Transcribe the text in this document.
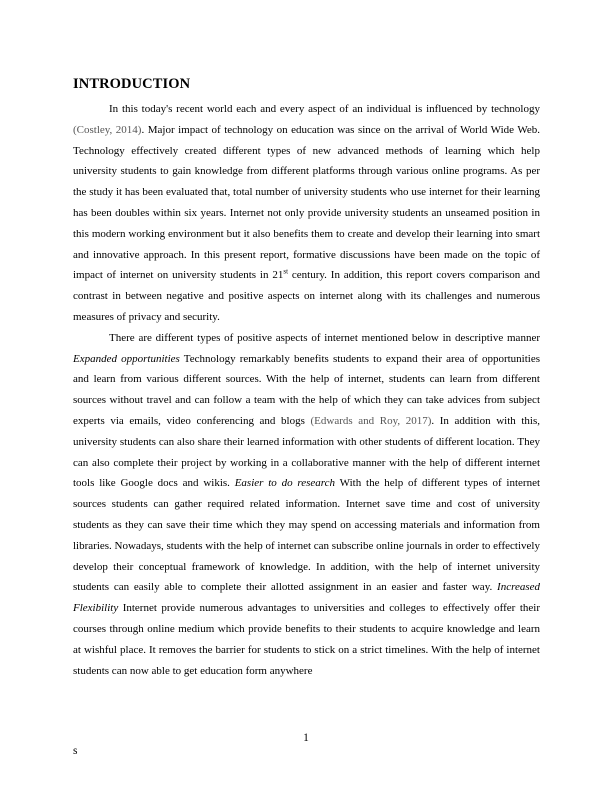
INTRODUCTION

In this today's recent world each and every aspect of an individual is influenced by technology (Costley, 2014). Major impact of technology on education was since on the arrival of World Wide Web. Technology effectively created different types of new advanced methods of learning which help university students to gain knowledge from different platforms through various online programs. As per the study it has been evaluated that, total number of university students who use internet for their learning has been doubles within six years. Internet not only provide university students an unseamed position in this modern working environment but it also benefits them to create and develop their learning into smart and innovative approach. In this present report, formative discussions have been made on the topic of impact of internet on university students in 21st century. In addition, this report covers comparison and contrast in between negative and positive aspects on internet along with its challenges and numerous measures of privacy and security.

There are different types of positive aspects of internet mentioned below in descriptive manner Expanded opportunities Technology remarkably benefits students to expand their area of opportunities and learn from various different sources. With the help of internet, students can learn from different sources without travel and can follow a team with the help of which they can take advices from subject experts via emails, video conferencing and blogs (Edwards and Roy, 2017). In addition with this, university students can also share their learned information with other students of different location. They can also complete their project by working in a collaborative manner with the help of different internet tools like Google docs and wikis. Easier to do research With the help of different types of internet sources students can gather required related information. Internet save time and cost of university students as they can save their time which they may spend on accessing materials and information from libraries. Nowadays, students with the help of internet can subscribe online journals in order to effectively develop their conceptual framework of knowledge. In addition, with the help of internet university students can easily able to complete their allotted assignment in an easier and faster way. Increased Flexibility Internet provide numerous advantages to universities and colleges to effectively offer their courses through online medium which provide benefits to their students to acquire knowledge and learn at wishful place. It removes the barrier for students to stick on a strict timelines. With the help of internet students can now able to get education form anywhere

1
s
